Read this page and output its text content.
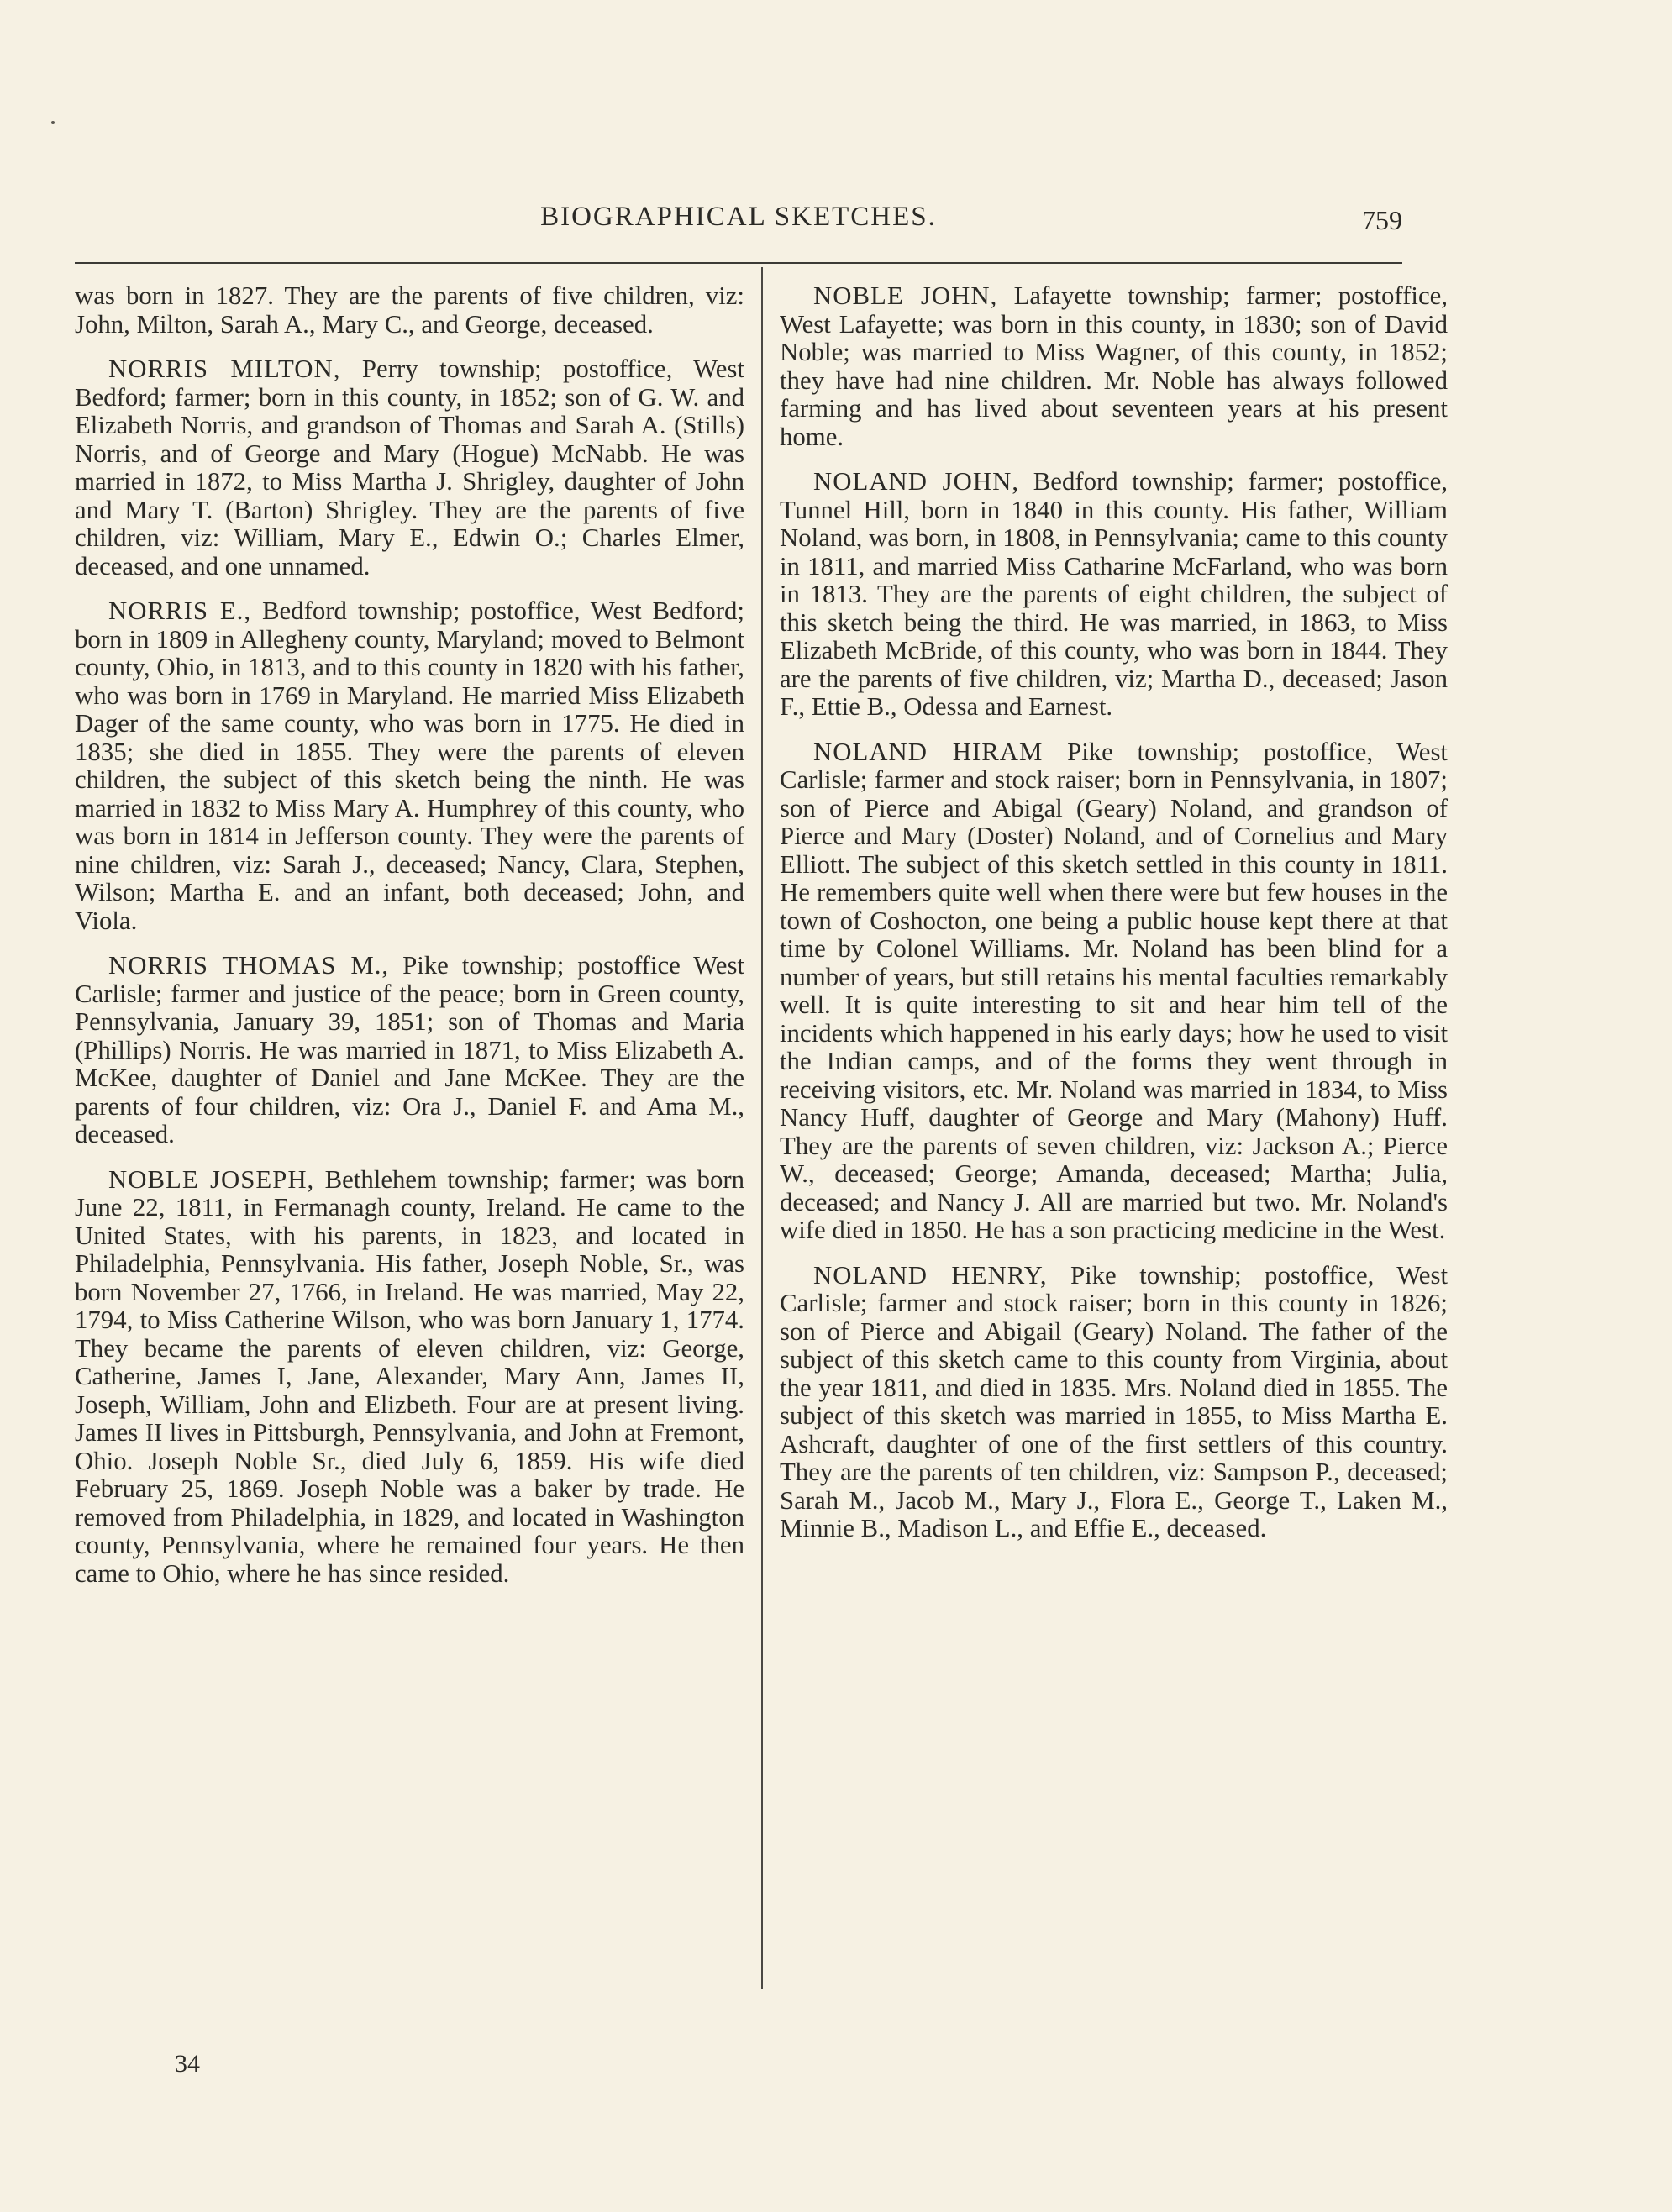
BIOGRAPHICAL SKETCHES.	759

was born in 1827. They are the parents of five children, viz: John, Milton, Sarah A., Mary C., and George, deceased.

NORRIS MILTON, Perry township; postoffice, West Bedford; farmer; born in this county, in 1852; son of G. W. and Elizabeth Norris, and grandson of Thomas and Sarah A. (Stills) Norris, and of George and Mary (Hogue) McNabb. He was married in 1872, to Miss Martha J. Shrigley, daughter of John and Mary T. (Barton) Shrigley. They are the parents of five children, viz: William, Mary E., Edwin O.; Charles Elmer, deceased, and one unnamed.

NORRIS E., Bedford township; postoffice, West Bedford; born in 1809 in Allegheny county, Maryland; moved to Belmont county, Ohio, in 1813, and to this county in 1820 with his father, who was born in 1769 in Maryland. He married Miss Elizabeth Dager of the same county, who was born in 1775. He died in 1835; she died in 1855. They were the parents of eleven children, the subject of this sketch being the ninth. He was married in 1832 to Miss Mary A. Humphrey of this county, who was born in 1814 in Jefferson county. They were the parents of nine children, viz: Sarah J., deceased; Nancy, Clara, Stephen, Wilson; Martha E. and an infant, both deceased; John, and Viola.

NORRIS THOMAS M., Pike township; postoffice West Carlisle; farmer and justice of the peace; born in Green county, Pennsylvania, January 39, 1851; son of Thomas and Maria (Phillips) Norris. He was married in 1871, to Miss Elizabeth A. McKee, daughter of Daniel and Jane McKee. They are the parents of four children, viz: Ora J., Daniel F. and Ama M., deceased.

NOBLE JOSEPH, Bethlehem township; farmer; was born June 22, 1811, in Fermanagh county, Ireland. He came to the United States, with his parents, in 1823, and located in Philadelphia, Pennsylvania. His father, Joseph Noble, Sr., was born November 27, 1766, in Ireland. He was married, May 22, 1794, to Miss Catherine Wilson, who was born January 1, 1774. They became the parents of eleven children, viz: George, Catherine, James I, Jane, Alexander, Mary Ann, James II, Joseph, William, John and Elizbeth. Four are at present living. James II lives in Pittsburgh, Pennsylvania, and John at Fremont, Ohio. Joseph Noble Sr., died July 6, 1859. His wife died February 25, 1869. Joseph Noble was a baker by trade. He removed from Philadelphia, in 1829, and located in Washington county, Pennsylvania, where he remained four years. He then came to Ohio, where he has since resided.

NOBLE JOHN, Lafayette township; farmer; postoffice, West Lafayette; was born in this county, in 1830; son of David Noble; was married to Miss Wagner, of this county, in 1852; they have had nine children. Mr. Noble has always followed farming and has lived about seventeen years at his present home.

NOLAND JOHN, Bedford township; farmer; postoffice, Tunnel Hill, born in 1840 in this county. His father, William Noland, was born, in 1808, in Pennsylvania; came to this county in 1811, and married Miss Catharine McFarland, who was born in 1813. They are the parents of eight children, the subject of this sketch being the third. He was married, in 1863, to Miss Elizabeth McBride, of this county, who was born in 1844. They are the parents of five children, viz; Martha D., deceased; Jason F., Ettie B., Odessa and Earnest.

NOLAND HIRAM Pike township; postoffice, West Carlisle; farmer and stock raiser; born in Pennsylvania, in 1807; son of Pierce and Abigal (Geary) Noland, and grandson of Pierce and Mary (Doster) Noland, and of Cornelius and Mary Elliott. The subject of this sketch settled in this county in 1811. He remembers quite well when there were but few houses in the town of Coshocton, one being a public house kept there at that time by Colonel Williams. Mr. Noland has been blind for a number of years, but still retains his mental faculties remarkably well. It is quite interesting to sit and hear him tell of the incidents which happened in his early days; how he used to visit the Indian camps, and of the forms they went through in receiving visitors, etc. Mr. Noland was married in 1834, to Miss Nancy Huff, daughter of George and Mary (Mahony) Huff. They are the parents of seven children, viz: Jackson A.; Pierce W., deceased; George; Amanda, deceased; Martha; Julia, deceased; and Nancy J. All are married but two. Mr. Noland's wife died in 1850. He has a son practicing medicine in the West.

NOLAND HENRY, Pike township; postoffice, West Carlisle; farmer and stock raiser; born in this county in 1826; son of Pierce and Abigail (Geary) Noland. The father of the subject of this sketch came to this county from Virginia, about the year 1811, and died in 1835. Mrs. Noland died in 1855. The subject of this sketch was married in 1855, to Miss Martha E. Ashcraft, daughter of one of the first settlers of this country. They are the parents of ten children, viz: Sampson P., deceased; Sarah M., Jacob M., Mary J., Flora E., George T., Laken M., Minnie B., Madison L., and Effie E., deceased.

34
